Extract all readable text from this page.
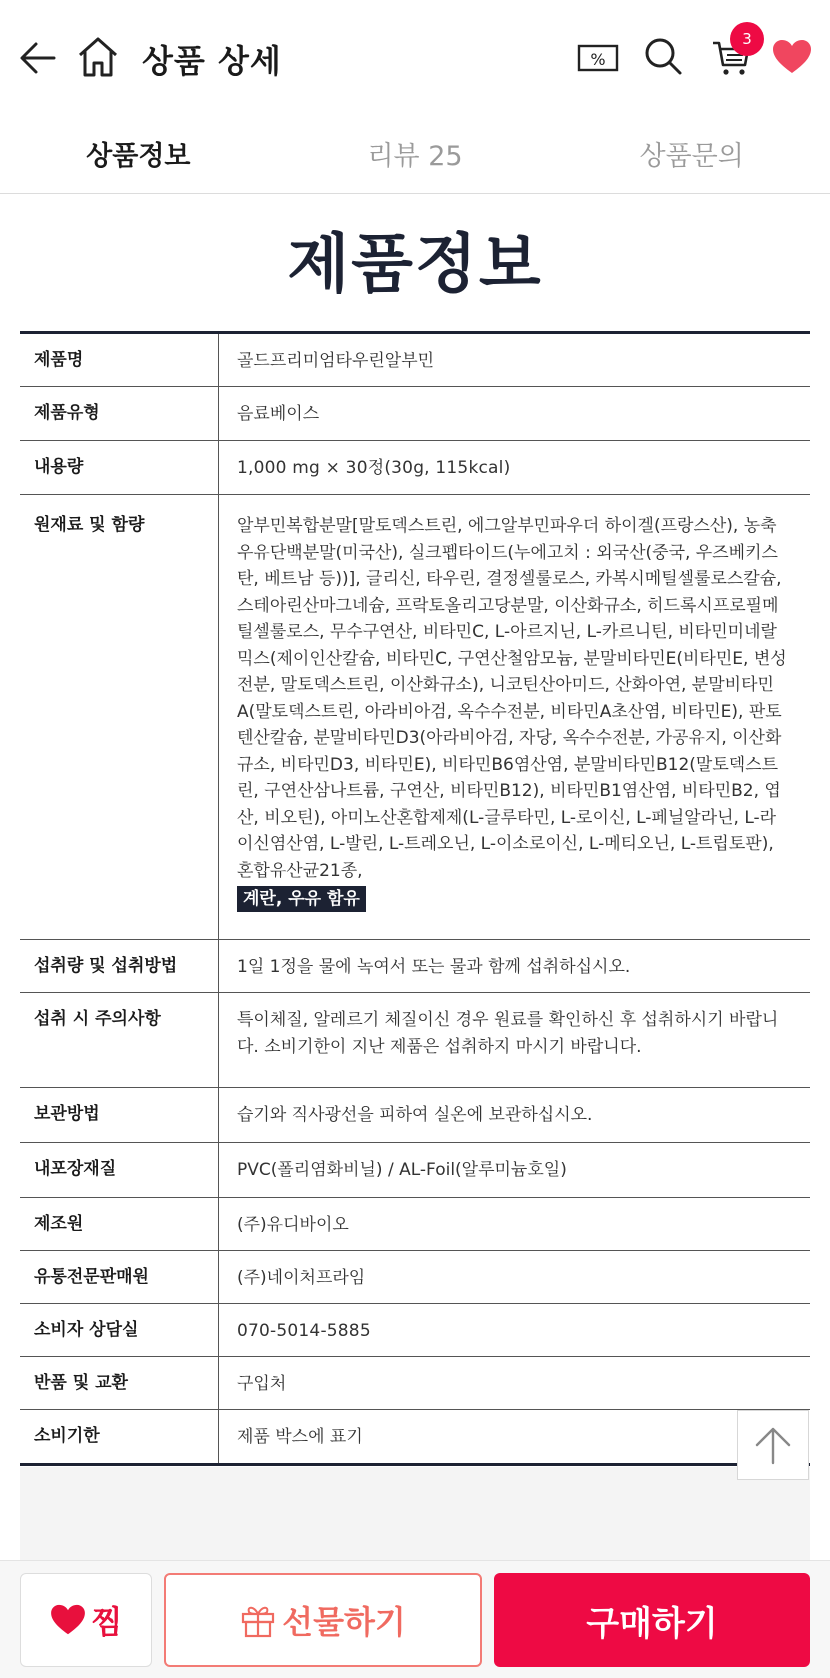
상품 상세	%
3
상품정보	리뷰 25	상품문의
제품정보
제품명	골드프리미엄타우린알부민
제품유형	음료베이스
내용량	1,000 mg × 30정(30g, 115kcal)
원재료 및 함량	알부민복합분말[말토덱스트린, 에그알부민파우더 하이겔(프랑스산), 농축우유단백분말(미국산), 실크펩타이드(누에고치 : 외국산(중국, 우즈베키스탄, 베트남 등))], 글리신, 타우린, 결정셀룰로스, 카복시메틸셀룰로스칼슘, 스테아린산마그네슘, 프락토올리고당분말, 이산화규소, 히드록시프로필메틸셀룰로스, 무수구연산, 비타민C, L-아르지닌, L-카르니틴, 비타민미네랄믹스(제이인산칼슘, 비타민C, 구연산철암모늄, 분말비타민E(비타민E, 변성전분, 말토덱스트린, 이산화규소), 니코틴산아미드, 산화아연, 분말비타민A(말토덱스트린, 아라비아검, 옥수수전분, 비타민A초산염, 비타민E), 판토텐산칼슘, 분말비타민D3(아라비아검, 자당, 옥수수전분, 가공유지, 이산화규소, 비타민D3, 비타민E), 비타민B6염산염, 분말비타민B12(말토덱스트린, 구연산삼나트륨, 구연산, 비타민B12), 비타민B1염산염, 비타민B2, 엽산, 비오틴), 아미노산혼합제제(L-글루타민, L-로이신, L-페닐알라닌, L-라이신염산염, L-발린, L-트레오닌, L-이소로이신, L-메티오닌, L-트립토판), 혼합유산균21종,
계란, 우유 함유
섭취량 및 섭취방법	1일 1정을 물에 녹여서 또는 물과 함께 섭취하십시오.
섭취 시 주의사항	특이체질, 알레르기 체질이신 경우 원료를 확인하신 후 섭취하시기 바랍니다. 소비기한이 지난 제품은 섭취하지 마시기 바랍니다.
보관방법	습기와 직사광선을 피하여 실온에 보관하십시오.
내포장재질	PVC(폴리염화비닐) / AL-Foil(알루미늄호일)
제조원	(주)유디바이오
유통전문판매원	(주)네이처프라임
소비자 상담실	070-5014-5885
반품 및 교환	구입처
소비기한	제품 박스에 표기
찜	선물하기	구매하기
